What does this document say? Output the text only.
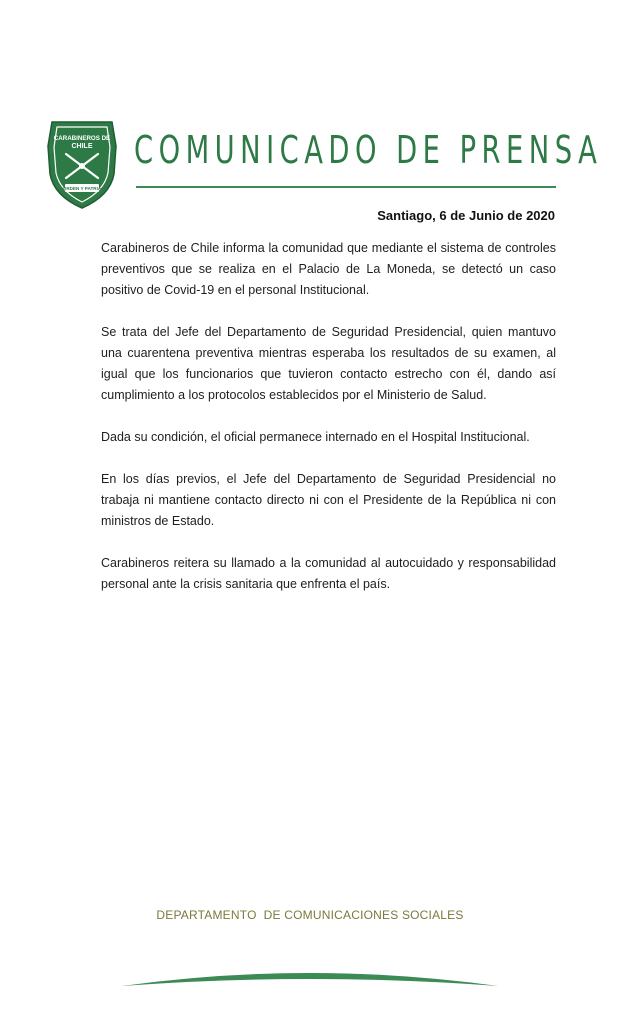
CARABINEROS DE
CHILE
ORDEN Y PATRIA
COMUNICADO DE PRENSA
Santiago, 6 de Junio de 2020

Carabineros de Chile informa la comunidad que mediante el sistema de controles preventivos que se realiza en el Palacio de La Moneda, se detectó un caso positivo de Covid-19 en el personal Institucional.

Se trata del Jefe del Departamento de Seguridad Presidencial, quien mantuvo una cuarentena preventiva mientras esperaba los resultados de su examen, al igual que los funcionarios que tuvieron contacto estrecho con él, dando así cumplimiento a los protocolos establecidos por el Ministerio de Salud.

Dada su condición, el oficial permanece internado en el Hospital Institucional.

En los días previos, el Jefe del Departamento de Seguridad Presidencial no trabaja ni mantiene contacto directo ni con el Presidente de la República ni con ministros de Estado.

Carabineros reitera su llamado a la comunidad al autocuidado y responsabilidad personal ante la crisis sanitaria que enfrenta el país.

DEPARTAMENTO  DE COMUNICACIONES SOCIALES
